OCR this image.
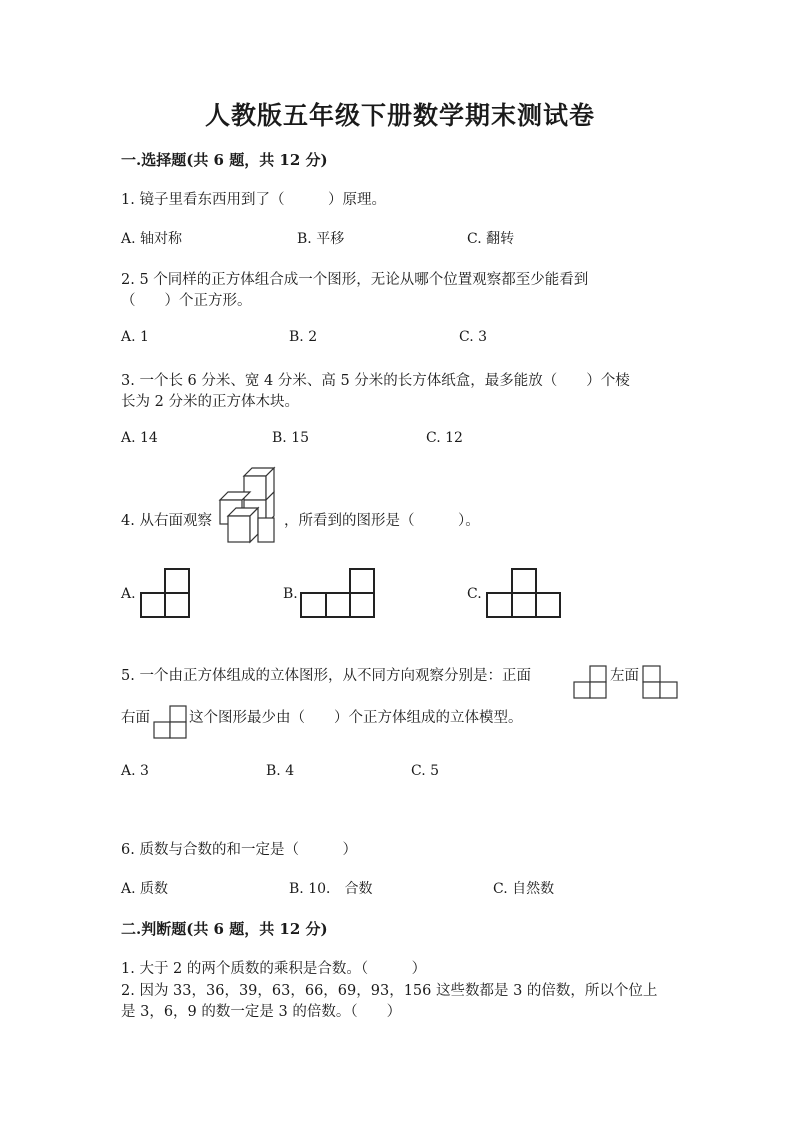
人教版五年级下册数学期末测试卷
一.选择题(共 6 题，共 12 分)
1. 镜子里看东西用到了（　　　）原理。
A. 轴对称	B. 平移	C. 翻转
2. 5 个同样的正方体组合成一个图形，无论从哪个位置观察都至少能看到
（　　）个正方形。
A. 1	B. 2	C. 3
3. 一个长 6 分米、宽 4 分米、高 5 分米的长方体纸盒，最多能放（　　）个棱
长为 2 分米的正方体木块。
A. 14	B. 15	C. 12
4. 从右面观察	，所看到的图形是（　　　）。
A.	B.	C.
5. 一个由正方体组成的立体图形，从不同方向观察分别是：正面	左面
右面	这个图形最少由（　　）个正方体组成的立体模型。
A. 3	B. 4	C. 5
6. 质数与合数的和一定是（　　　）
A. 质数	B. 10． 合数	C. 自然数
二.判断题(共 6 题，共 12 分)
1. 大于 2 的两个质数的乘积是合数。（　　　）
2. 因为 33，36，39，63，66，69，93，156 这些数都是 3 的倍数，所以个位上
是 3，6，9 的数一定是 3 的倍数。（　　）
